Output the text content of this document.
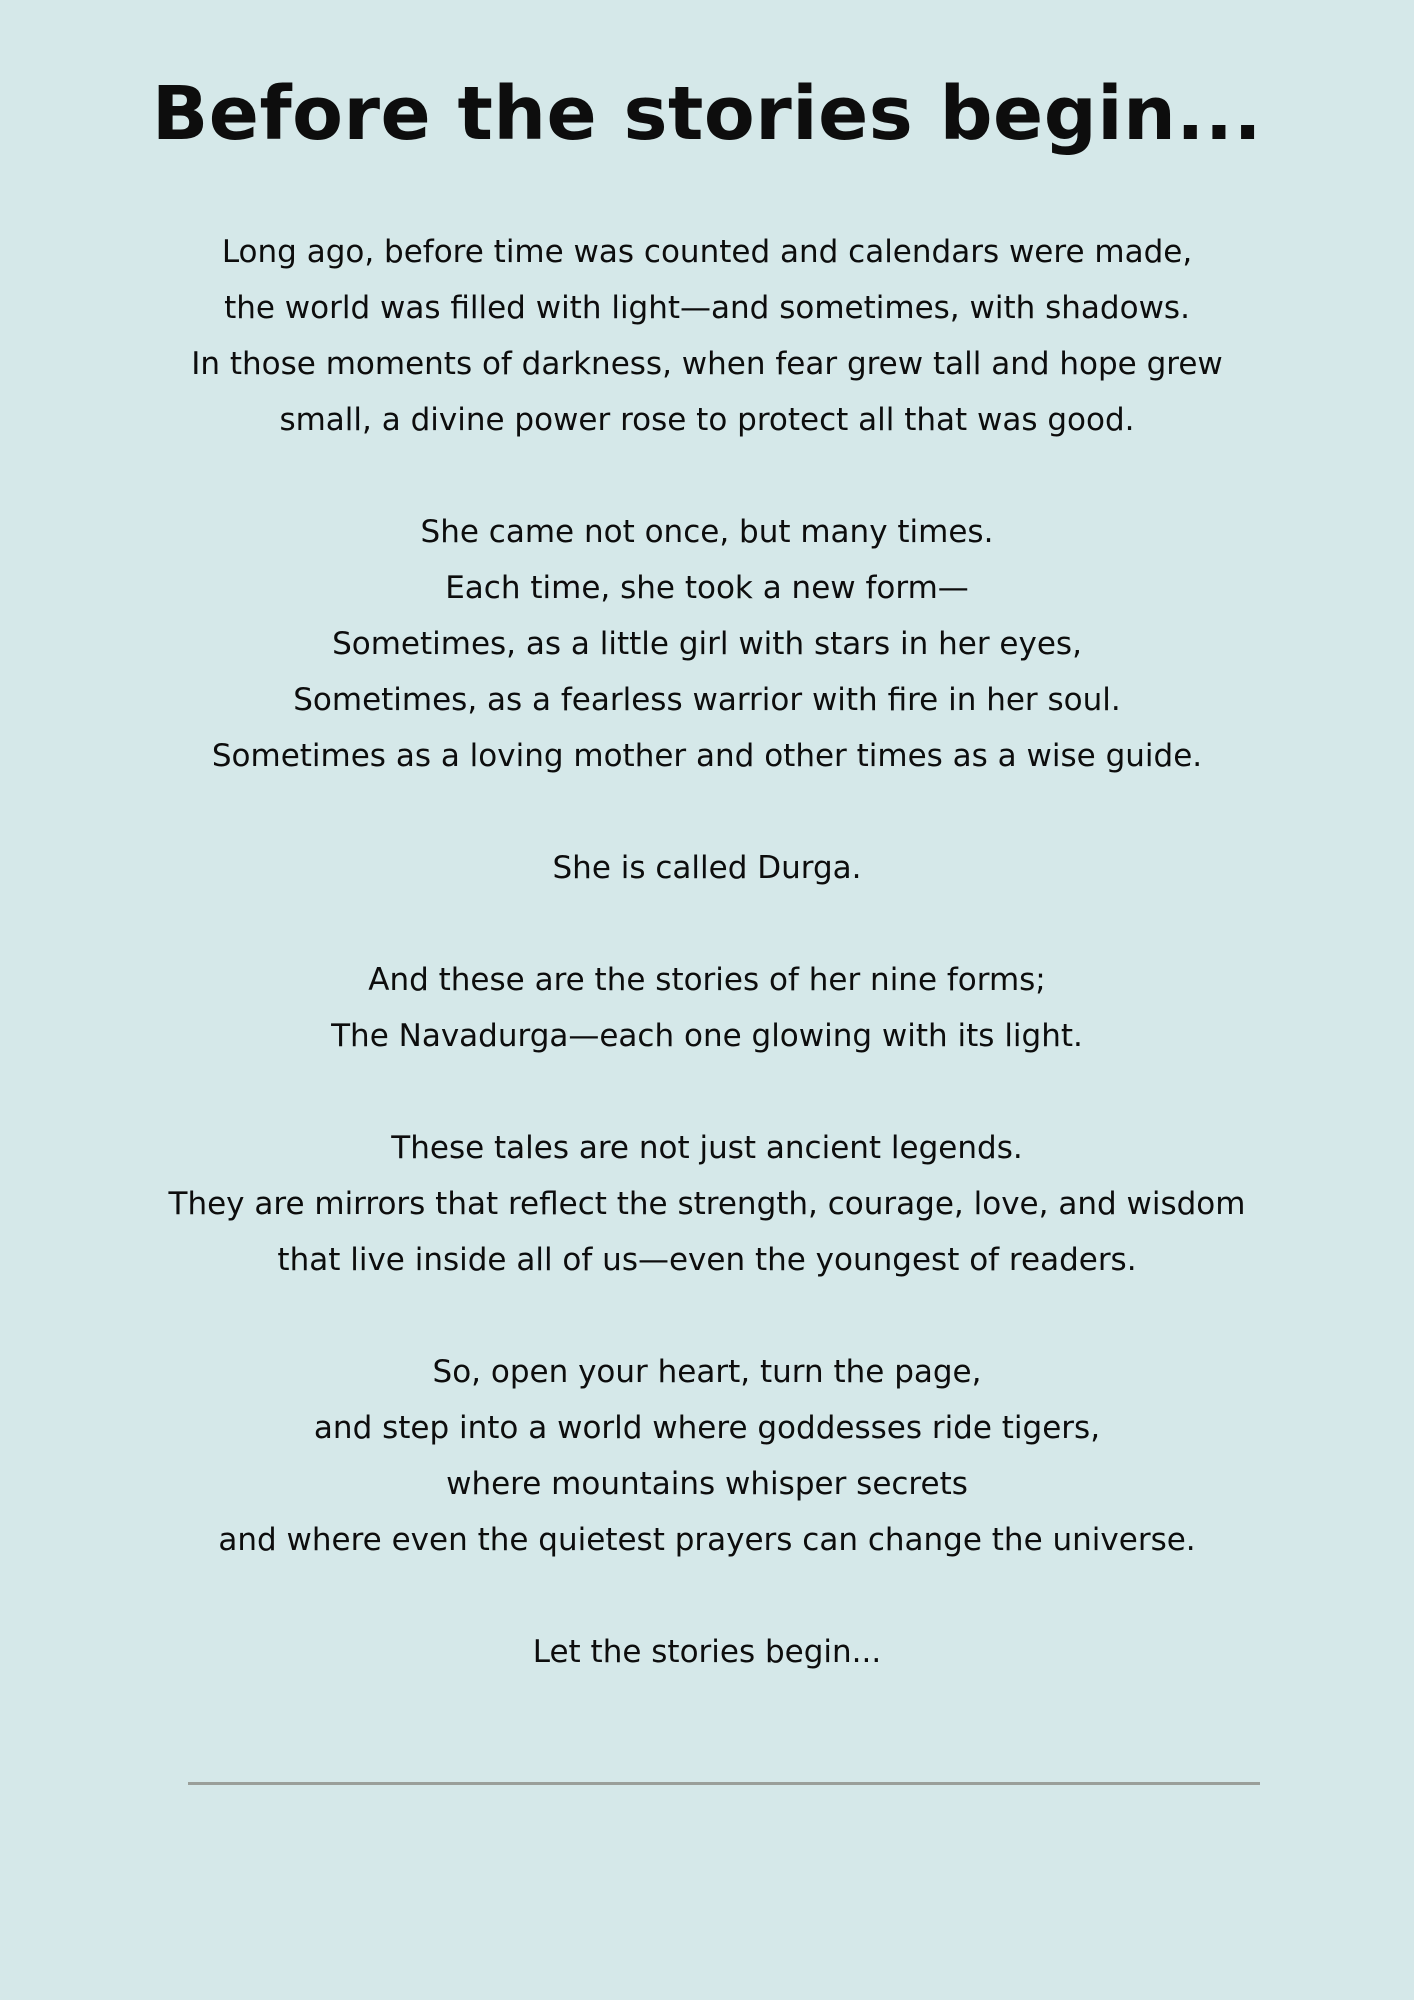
Before the stories begin...

Long ago, before time was counted and calendars were made,
the world was filled with light—and sometimes, with shadows.
In those moments of darkness, when fear grew tall and hope grew
small, a divine power rose to protect all that was good.

She came not once, but many times.
Each time, she took a new form—
Sometimes, as a little girl with stars in her eyes,
Sometimes, as a fearless warrior with fire in her soul.
Sometimes as a loving mother and other times as a wise guide.

She is called Durga.

And these are the stories of her nine forms;
The Navadurga—each one glowing with its light.

These tales are not just ancient legends.
They are mirrors that reflect the strength, courage, love, and wisdom
that live inside all of us—even the youngest of readers.

So, open your heart, turn the page,
and step into a world where goddesses ride tigers,
where mountains whisper secrets
and where even the quietest prayers can change the universe.

Let the stories begin...
